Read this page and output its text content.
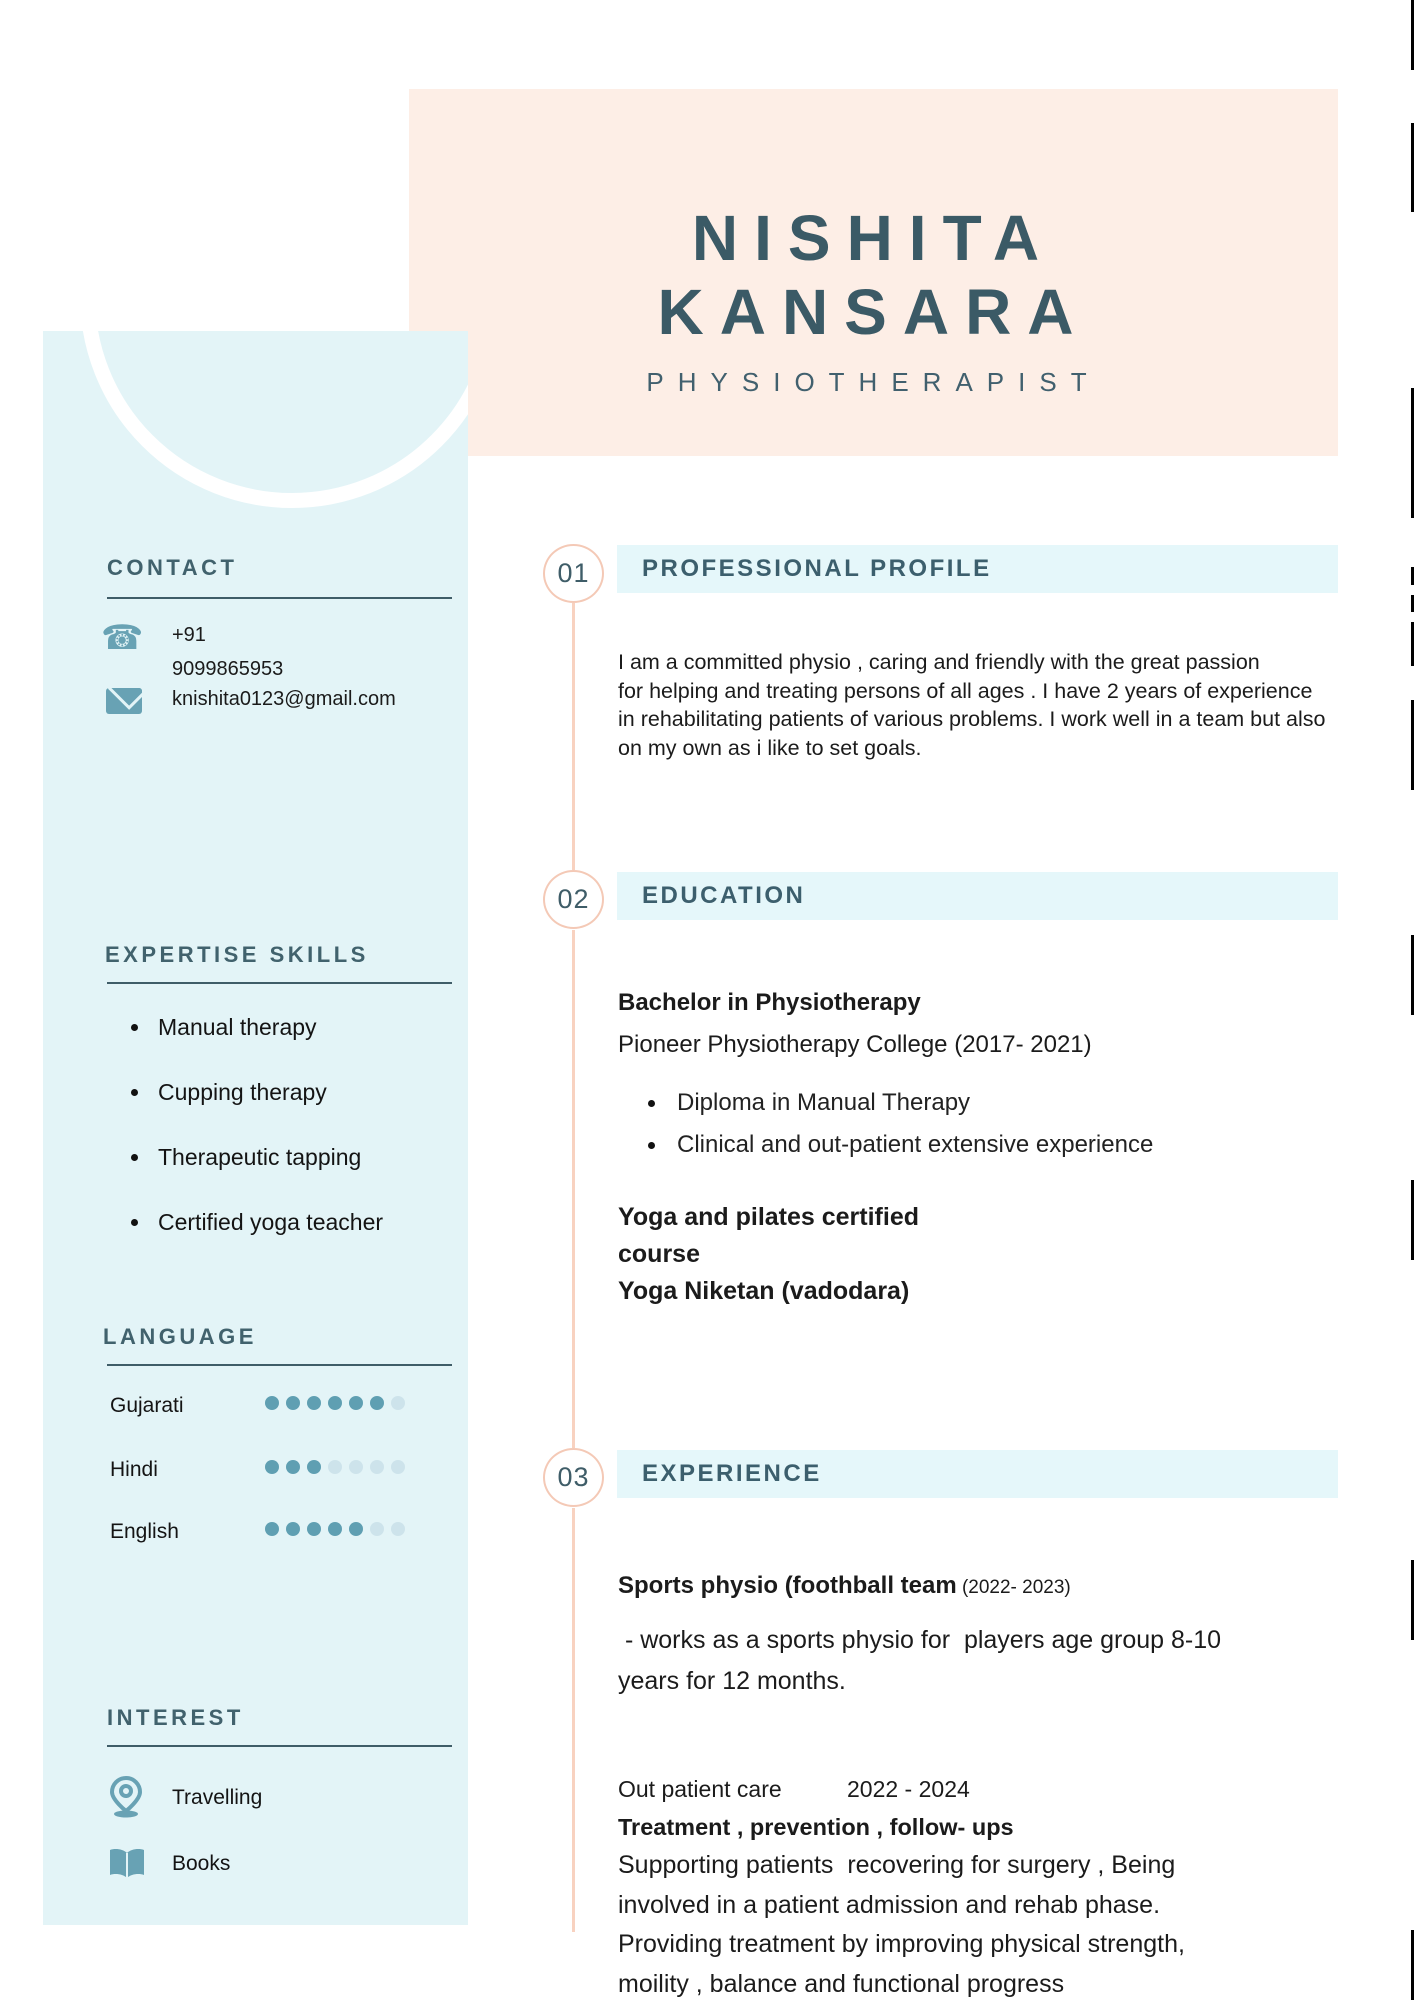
NISHITA
KANSARA
PHYSIOTHERAPIST
CONTACT
☎ +91
9099865953
knishita0123@gmail.com
EXPERTISE SKILLS
Manual therapy
Cupping therapy
Therapeutic tapping
Certified yoga teacher
LANGUAGE
Gujarati
Hindi
English
INTEREST
Travelling
Books
01
02
03
PROFESSIONAL PROFILE
EDUCATION
EXPERIENCE
I am a committed physio , caring and friendly with the great passion
for helping and treating persons of all ages . I have 2 years of experience
in rehabilitating patients of various problems. I work well in a team but also
on my own as i like to set goals.
Bachelor in Physiotherapy
Pioneer Physiotherapy College (2017- 2021)
Diploma in Manual Therapy
Clinical and out-patient extensive experience
Yoga and pilates certified
course
Yoga Niketan (vadodara)
Sports physio (foothball team (2022- 2023)
- works as a sports physio for  players age group 8-10
years for 12 months.
Out patient care	2022 - 2024
Treatment , prevention , follow- ups
Supporting patients  recovering for surgery , Being
involved in a patient admission and rehab phase.
Providing treatment by improving physical strength,
moility , balance and functional progress
